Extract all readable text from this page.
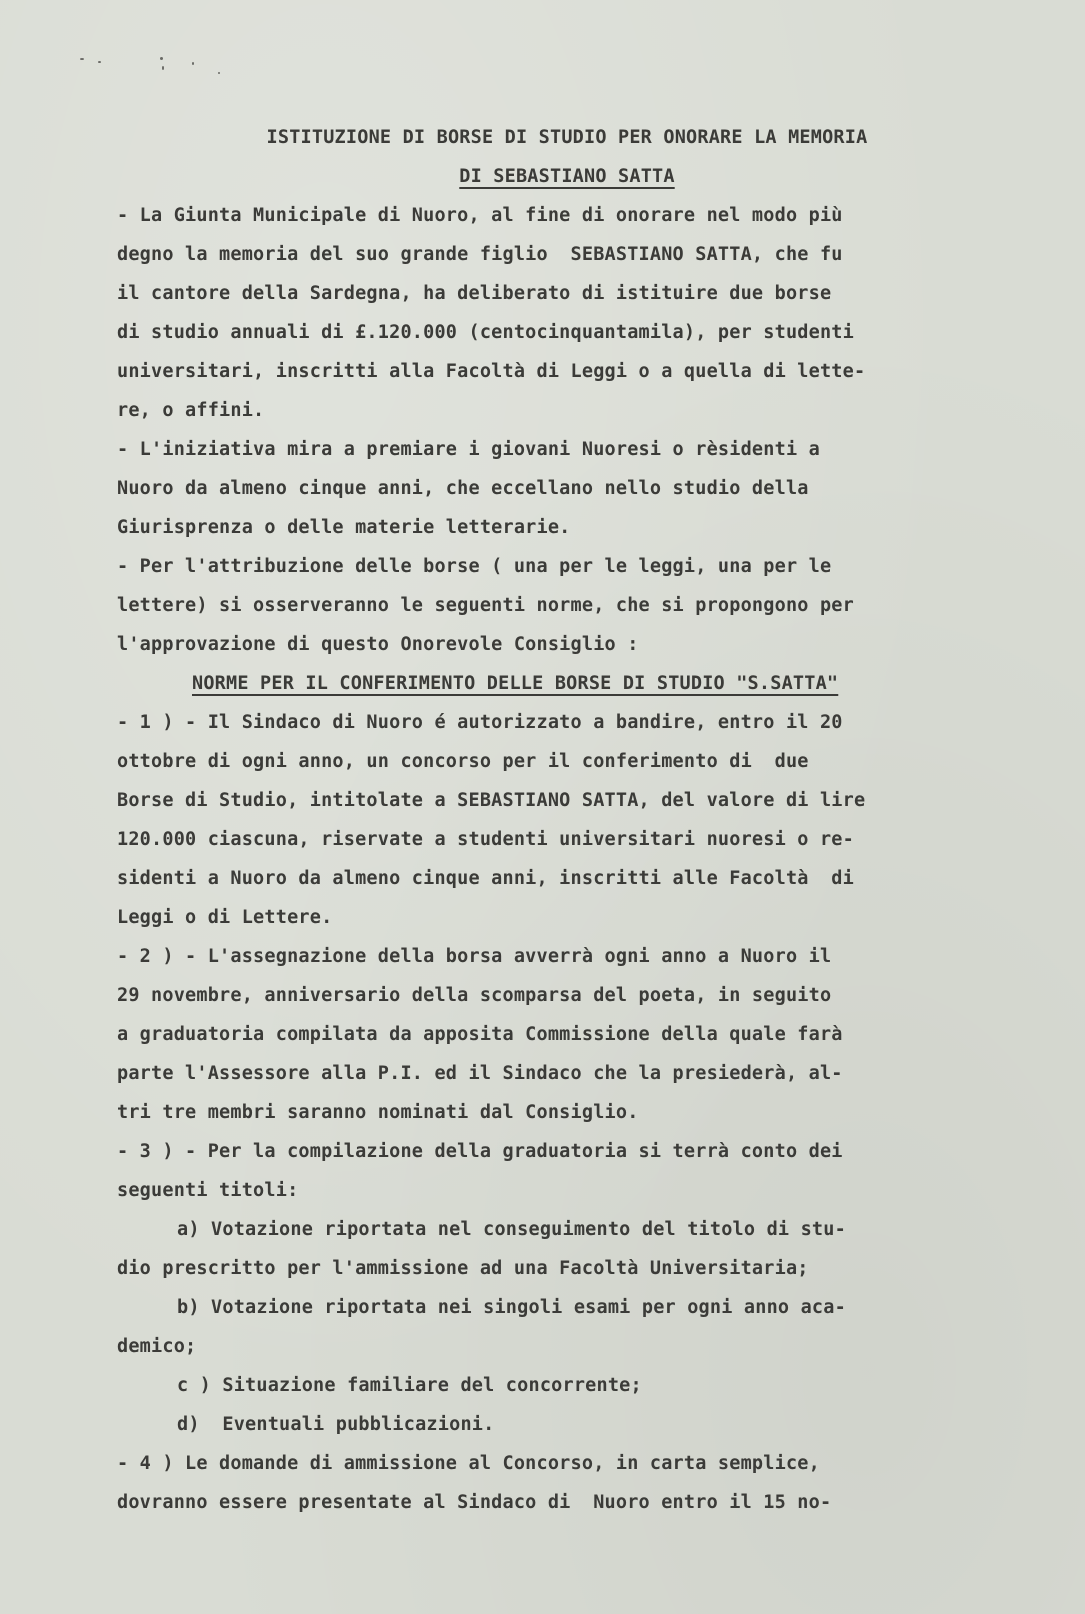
ISTITUZIONE DI BORSE DI STUDIO PER ONORARE LA MEMORIA
DI SEBASTIANO SATTA
- La Giunta Municipale di Nuoro, al fine di onorare nel modo più
degno la memoria del suo grande figlio  SEBASTIANO SATTA, che fu
il cantore della Sardegna, ha deliberato di istituire due borse
di studio annuali di £.120.000 (centocinquantamila), per studenti
universitari, inscritti alla Facoltà di Leggi o a quella di lette-
re, o affini.
- L'iniziativa mira a premiare i giovani Nuoresi o rèsidenti a
Nuoro da almeno cinque anni, che eccellano nello studio della
Giurisprenza o delle materie letterarie.
- Per l'attribuzione delle borse ( una per le leggi, una per le
lettere) si osserveranno le seguenti norme, che si propongono per
l'approvazione di questo Onorevole Consiglio :
NORME PER IL CONFERIMENTO DELLE BORSE DI STUDIO "S.SATTA"
- 1 ) - Il Sindaco di Nuoro é autorizzato a bandire, entro il 20
ottobre di ogni anno, un concorso per il conferimento di  due
Borse di Studio, intitolate a SEBASTIANO SATTA, del valore di lire
120.000 ciascuna, riservate a studenti universitari nuoresi o re-
sidenti a Nuoro da almeno cinque anni, inscritti alle Facoltà  di
Leggi o di Lettere.
- 2 ) - L'assegnazione della borsa avverrà ogni anno a Nuoro il
29 novembre, anniversario della scomparsa del poeta, in seguito
a graduatoria compilata da apposita Commissione della quale farà
parte l'Assessore alla P.I. ed il Sindaco che la presiederà, al-
tri tre membri saranno nominati dal Consiglio.
- 3 ) - Per la compilazione della graduatoria si terrà conto dei
seguenti titoli:
a) Votazione riportata nel conseguimento del titolo di stu-
dio prescritto per l'ammissione ad una Facoltà Universitaria;
b) Votazione riportata nei singoli esami per ogni anno aca-
demico;
c ) Situazione familiare del concorrente;
d)  Eventuali pubblicazioni.
- 4 ) Le domande di ammissione al Concorso, in carta semplice,
dovranno essere presentate al Sindaco di  Nuoro entro il 15 no-
